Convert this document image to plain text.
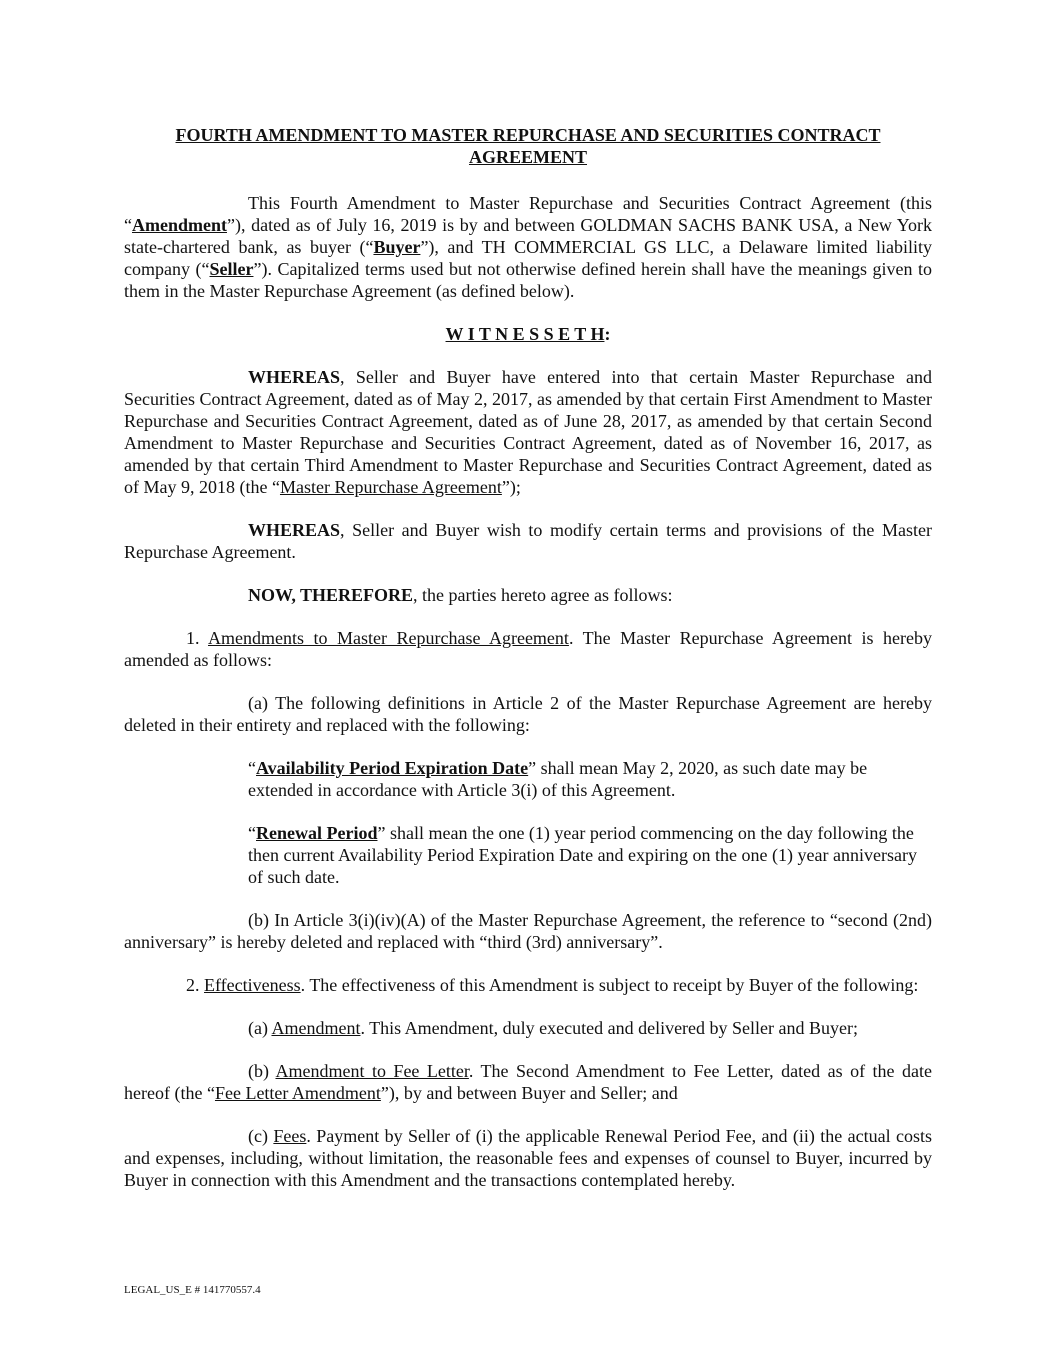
FOURTH AMENDMENT TO MASTER REPURCHASE AND SECURITIES CONTRACT
AGREEMENT

This Fourth Amendment to Master Repurchase and Securities Contract Agreement (this “Amendment”), dated as of July 16, 2019 is by and between GOLDMAN SACHS BANK USA, a New York state-chartered bank, as buyer (“Buyer”), and TH COMMERCIAL GS LLC, a Delaware limited liability company (“Seller”). Capitalized terms used but not otherwise defined herein shall have the meanings given to them in the Master Repurchase Agreement (as defined below).

W I T N E S S E T H:

WHEREAS, Seller and Buyer have entered into that certain Master Repurchase and Securities Contract Agreement, dated as of May 2, 2017, as amended by that certain First Amendment to Master Repurchase and Securities Contract Agreement, dated as of June 28, 2017, as amended by that certain Second Amendment to Master Repurchase and Securities Contract Agreement, dated as of November 16, 2017, as amended by that certain Third Amendment to Master Repurchase and Securities Contract Agreement, dated as of May 9, 2018 (the “Master Repurchase Agreement”);

WHEREAS, Seller and Buyer wish to modify certain terms and provisions of the Master Repurchase Agreement.

NOW, THEREFORE, the parties hereto agree as follows:

1. Amendments to Master Repurchase Agreement. The Master Repurchase Agreement is hereby amended as follows:

(a) The following definitions in Article 2 of the Master Repurchase Agreement are hereby deleted in their entirety and replaced with the following:

“Availability Period Expiration Date” shall mean May 2, 2020, as such date may be extended in accordance with Article 3(i) of this Agreement.

“Renewal Period” shall mean the one (1) year period commencing on the day following the then current Availability Period Expiration Date and expiring on the one (1) year anniversary of such date.

(b) In Article 3(i)(iv)(A) of the Master Repurchase Agreement, the reference to “second (2nd) anniversary” is hereby deleted and replaced with “third (3rd) anniversary”.

2. Effectiveness. The effectiveness of this Amendment is subject to receipt by Buyer of the following:

(a) Amendment. This Amendment, duly executed and delivered by Seller and Buyer;

(b) Amendment to Fee Letter. The Second Amendment to Fee Letter, dated as of the date hereof (the “Fee Letter Amendment”), by and between Buyer and Seller; and

(c) Fees. Payment by Seller of (i) the applicable Renewal Period Fee, and (ii) the actual costs and expenses, including, without limitation, the reasonable fees and expenses of counsel to Buyer, incurred by Buyer in connection with this Amendment and the transactions contemplated hereby.

LEGAL_US_E # 141770557.4
